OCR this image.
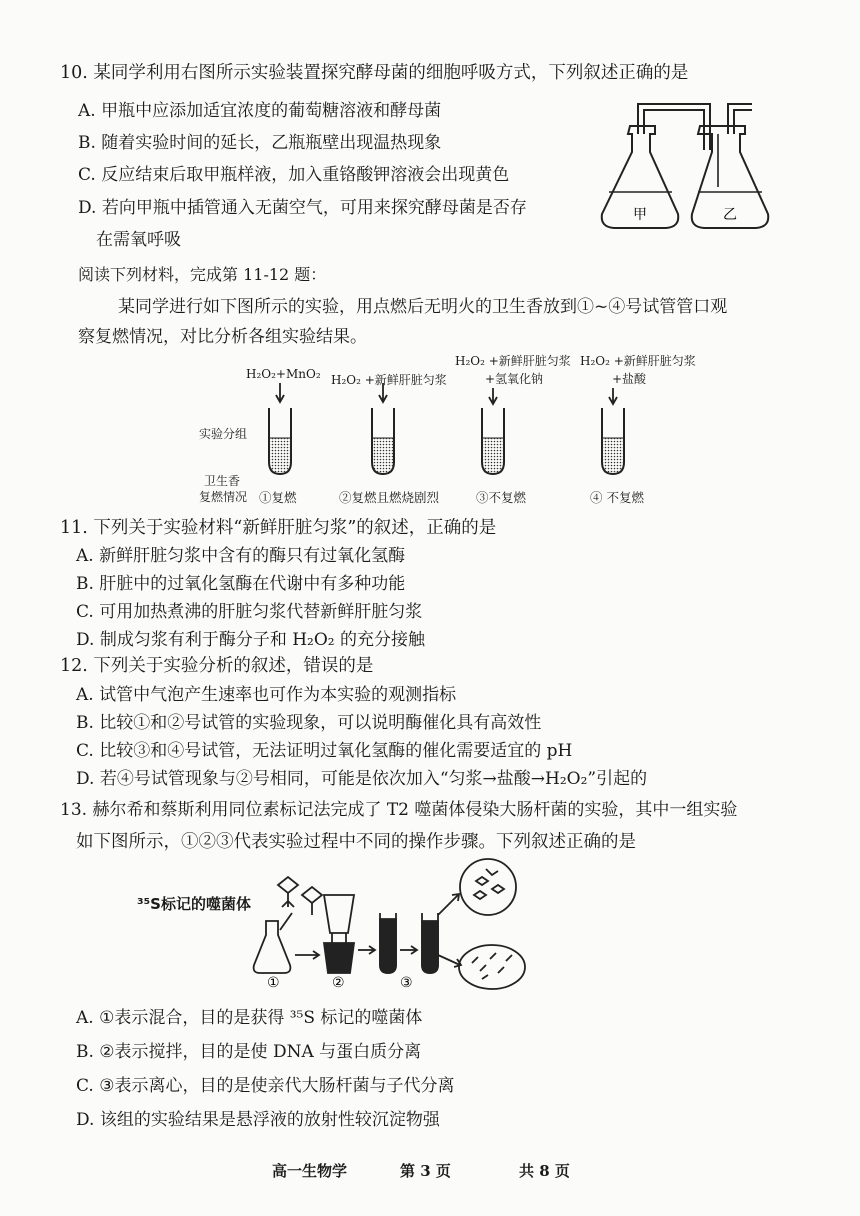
10. 某同学利用右图所示实验装置探究酵母菌的细胞呼吸方式，下列叙述正确的是
A. 甲瓶中应添加适宜浓度的葡萄糖溶液和酵母菌
B. 随着实验时间的延长，乙瓶瓶壁出现温热现象
C. 反应结束后取甲瓶样液，加入重铬酸钾溶液会出现黄色
D. 若向甲瓶中插管通入无菌空气，可用来探究酵母菌是否存
在需氧呼吸
甲	乙
阅读下列材料，完成第 11-12 题：
某同学进行如下图所示的实验，用点燃后无明火的卫生香放到①~④号试管管口观
察复燃情况，对比分析各组实验结果。
H₂O₂+MnO₂ H₂O₂ +新鲜肝脏匀浆
H₂O₂ +新鲜肝脏匀浆
+氢氧化钠
H₂O₂ +新鲜肝脏匀浆
+盐酸
实验分组
卫生香
复燃情况 ①复燃	②复燃且燃烧剧烈	③不复燃	④ 不复燃
11. 下列关于实验材料“新鲜肝脏匀浆”的叙述，正确的是
A. 新鲜肝脏匀浆中含有的酶只有过氧化氢酶
B. 肝脏中的过氧化氢酶在代谢中有多种功能
C. 可用加热煮沸的肝脏匀浆代替新鲜肝脏匀浆
D. 制成匀浆有利于酶分子和 H₂O₂ 的充分接触
12. 下列关于实验分析的叙述，错误的是
A. 试管中气泡产生速率也可作为本实验的观测指标
B. 比较①和②号试管的实验现象，可以说明酶催化具有高效性
C. 比较③和④号试管，无法证明过氧化氢酶的催化需要适宜的 pH
D. 若④号试管现象与②号相同，可能是依次加入“匀浆→盐酸→H₂O₂”引起的
13. 赫尔希和蔡斯利用同位素标记法完成了 T2 噬菌体侵染大肠杆菌的实验，其中一组实验
如下图所示，①②③代表实验过程中不同的操作步骤。下列叙述正确的是
³⁵S标记的噬菌体
①	②	③
A. ①表示混合，目的是获得 ³⁵S 标记的噬菌体
B. ②表示搅拌，目的是使 DNA 与蛋白质分离
C. ③表示离心，目的是使亲代大肠杆菌与子代分离
D. 该组的实验结果是悬浮液的放射性较沉淀物强
高一生物学	第 3 页	共 8 页
